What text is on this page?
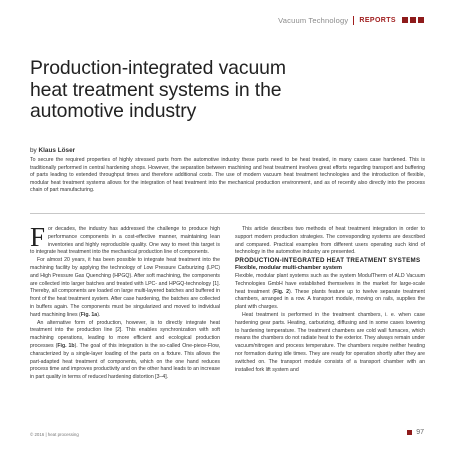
Vacuum Technology REPORTS
Production-integrated vacuum
heat treatment systems in the
automotive industry
by Klaus Löser

To secure the required properties of highly stressed parts from the automotive industry these parts need to be heat treated, in many cases case hardened. This is traditionally performed in central hardening shops. However, the separation between machining and heat treatment involves great efforts regarding transport and buffering of parts leading to extended throughput times and therefore additional costs. The use of modern vacuum heat treatment technologies and the introduction of flexible, modular heat treatment systems allows for the integration of heat treatment into the mechanical production environment, and as of recently also directly into the process chain of part manufacturing.

For decades, the industry has addressed the challenge to produce high performance components in a cost-effective manner, maintaining lean inventories and highly reproducible quality. One way to meet this target is to integrate heat treatment into the mechanical production line of components.

For almost 20 years, it has been possible to integrate heat treatment into the machining facility by applying the technology of Low Pressure Carburizing (LPC) and High Pressure Gas Quenching (HPGQ). After soft machining, the components are collected into larger batches and treated with LPC- and HPGQ-technology [1]. Thereby, all components are loaded on large multi-layered batches and buffered in front of the heat treatment system. After case hardening, the batches are collected in buffers again. The components must be singularized and moved to individual hard machining lines (Fig. 1a).

An alternative form of production, however, is to directly integrate heat treatment into the production line [2]. This enables synchronization with soft machining operations, leading to more efficient and ecological production processes (Fig. 1b). The goal of this integration is the so-called One-piece-Flow, characterized by a single-layer loading of the parts on a fixture. This allows the part-adapted heat treatment of components, which on the one hand reduces process time and improves productivity and on the other hand leads to an increase in part quality in terms of reduced hardening distortion [3–4].

This article describes two methods of heat treatment integration in order to support modern production strategies. The corresponding systems are described and compared. Practical examples from different users operating such kind of technology in the automotive industry are presented.

PRODUCTION-INTEGRATED HEAT TREATMENT SYSTEMS

Flexible, modular multi-chamber system

Flexible, modular plant systems such as the system ModulTherm of ALD Vacuum Technologies GmbH have established themselves in the market for large-scale heat treatment (Fig. 2). These plants feature up to twelve separate treatment chambers, arranged in a row. A transport module, moving on rails, supplies the plant with charges.

Heat treatment is performed in the treatment chambers, i. e. when case hardening gear parts. Heating, carburizing, diffusing and in some cases lowering to hardening temperature. The treatment chambers are cold wall furnaces, which means the chambers do not radiate heat to the exterior. They always remain under vacuum/nitrogen and process temperature. The chambers require neither heating nor formation during idle times. They are ready for operation shortly after they are switched on. The transport module consists of a transport chamber with an installed fork lift system and

© 2016 | heat processing	97
